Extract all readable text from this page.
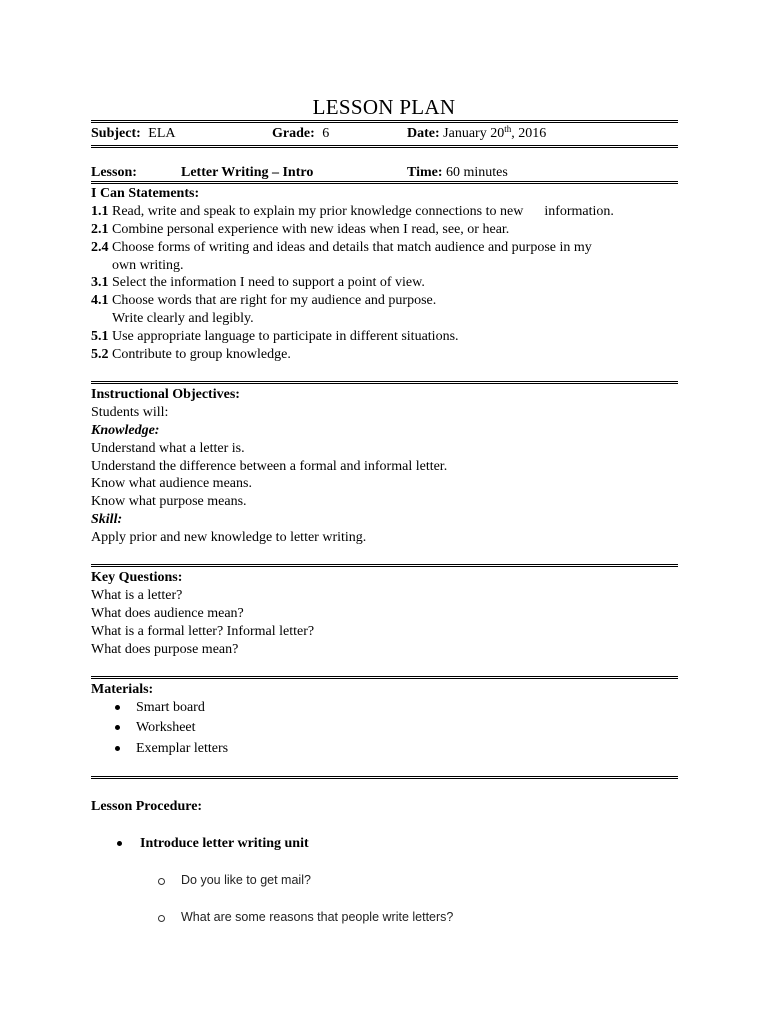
LESSON PLAN
Subject: ELA	Grade: 6	Date: January 20th, 2016
Lesson:	Letter Writing – Intro	Time: 60 minutes
I Can Statements:
1.1 Read, write and speak to explain my prior knowledge connections to new      information.
2.1 Combine personal experience with new ideas when I read, see, or hear.
2.4 Choose forms of writing and ideas and details that match audience and purpose in my
own writing.
3.1 Select the information I need to support a point of view.
4.1 Choose words that are right for my audience and purpose.
Write clearly and legibly.
5.1 Use appropriate language to participate in different situations.
5.2 Contribute to group knowledge.
Instructional Objectives:
Students will:
Knowledge:
Understand what a letter is.
Understand the difference between a formal and informal letter.
Know what audience means.
Know what purpose means.
Skill:
Apply prior and new knowledge to letter writing.
Key Questions:
What is a letter?
What does audience mean?
What is a formal letter? Informal letter?
What does purpose mean?
Materials:
Smart board
Worksheet
Exemplar letters
Lesson Procedure:
Introduce letter writing unit
Do you like to get mail?
What are some reasons that people write letters?
